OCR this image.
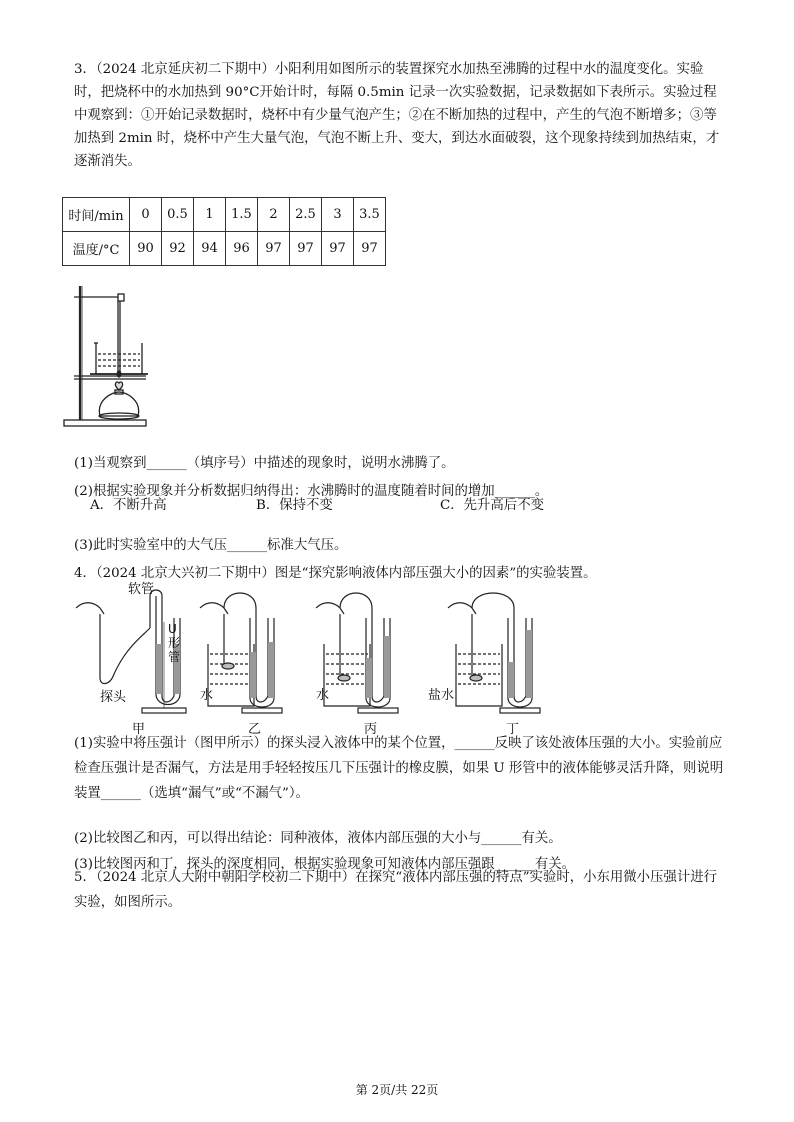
3．（2024 北京延庆初二下期中）小阳利用如图所示的装置探究水加热至沸腾的过程中水的温度变化。实验时，把烧杯中的水加热到 90°C开始计时，每隔 0.5min 记录一次实验数据，记录数据如下表所示。实验过程中观察到：①开始记录数据时，烧杯中有少量气泡产生；②在不断加热的过程中，产生的气泡不断增多；③等加热到 2min 时，烧杯中产生大量气泡，气泡不断上升、变大，到达水面破裂，这个现象持续到加热结束，才逐渐消失。

时间/min	0	0.5	1	1.5	2	2.5	3	3.5
温度/°C	90	92	94	96	97	97	97	97

(1)当观察到______（填序号）中描述的现象时，说明水沸腾了。

(2)根据实验现象并分析数据归纳得出：水沸腾时的温度随着时间的增加______。

A．不断升高	B．保持不变	C．先升高后不变

(3)此时实验室中的大气压______标准大气压。

4．（2024 北京大兴初二下期中）图是“探究影响液体内部压强大小的因素”的实验装置。

软管
U
形
管
探头	水	水	盐水
甲	乙	丙	丁

(1)实验中将压强计（图甲所示）的探头浸入液体中的某个位置，______反映了该处液体压强的大小。实验前应检查压强计是否漏气，方法是用手轻轻按压几下压强计的橡皮膜，如果 U 形管中的液体能够灵活升降，则说明装置______（选填“漏气”或“不漏气”）。

(2)比较图乙和丙，可以得出结论：同种液体，液体内部压强的大小与______有关。

(3)比较图丙和丁，探头的深度相同，根据实验现象可知液体内部压强跟______有关。

5．（2024 北京人大附中朝阳学校初二下期中）在探究“液体内部压强的特点”实验时，小东用微小压强计进行实验，如图所示。

第 2页/共 22页
